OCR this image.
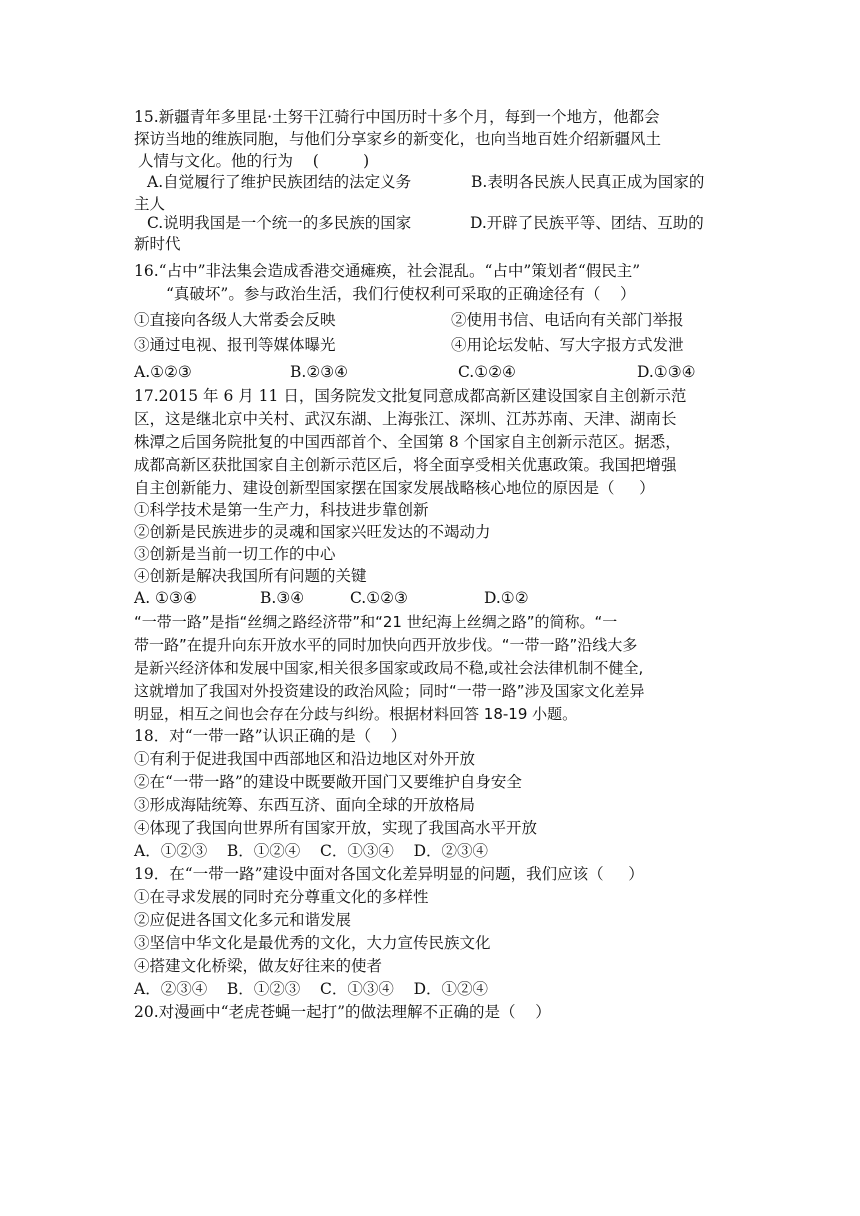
15.新疆青年多里昆·土努干江骑行中国历时十多个月，每到一个地方，他都会
探访当地的维族同胞，与他们分享家乡的新变化，也向当地百姓介绍新疆风土
人情与文化。他的行为    (         )
A.自觉履行了维护民族团结的法定义务	B.表明各民族人民真正成为国家的
主人
C.说明我国是一个统一的多民族的国家	D.开辟了民族平等、团结、互助的
新时代
16.“占中”非法集会造成香港交通瘫痪，社会混乱。“占中”策划者“假民主”
“真破坏”。参与政治生活，我们行使权利可采取的正确途径有（    ）
①直接向各级人大常委会反映	②使用书信、电话向有关部门举报
③通过电视、报刊等媒体曝光	④用论坛发帖、写大字报方式发泄
A.①②③	B.②③④	C.①②④	D.①③④
17.2015 年 6 月 11 日，国务院发文批复同意成都高新区建设国家自主创新示范
区，这是继北京中关村、武汉东湖、上海张江、深圳、江苏苏南、天津、湖南长
株潭之后国务院批复的中国西部首个、全国第 8 个国家自主创新示范区。据悉，
成都高新区获批国家自主创新示范区后，将全面享受相关优惠政策。我国把增强
自主创新能力、建设创新型国家摆在国家发展战略核心地位的原因是（     ）
①科学技术是第一生产力，科技进步靠创新
②创新是民族进步的灵魂和国家兴旺发达的不竭动力
③创新是当前一切工作的中心
④创新是解决我国所有问题的关键
A. ①③④	B.③④	C.①②③	D.①②
“一带一路”是指“丝绸之路经济带”和“21 世纪海上丝绸之路”的简称。“一
带一路”在提升向东开放水平的同时加快向西开放步伐。“一带一路”沿线大多
是新兴经济体和发展中国家,相关很多国家或政局不稳,或社会法律机制不健全,
这就增加了我国对外投资建设的政治风险；同时“一带一路”涉及国家文化差异
明显，相互之间也会存在分歧与纠纷。根据材料回答 18-19 小题。
18．对“一带一路”认识正确的是（    ）
①有利于促进我国中西部地区和沿边地区对外开放
②在“一带一路”的建设中既要敞开国门又要维护自身安全
③形成海陆统筹、东西互济、面向全球的开放格局
④体现了我国向世界所有国家开放，实现了我国高水平开放
A．①②③    B．①②④    C．①③④    D．②③④
19．在“一带一路”建设中面对各国文化差异明显的问题，我们应该（     ）
①在寻求发展的同时充分尊重文化的多样性
②应促进各国文化多元和谐发展
③坚信中华文化是最优秀的文化，大力宣传民族文化
④搭建文化桥梁，做友好往来的使者
A．②③④    B．①②③    C．①③④    D．①②④
20.对漫画中“老虎苍蝇一起打”的做法理解不正确的是（    ）
